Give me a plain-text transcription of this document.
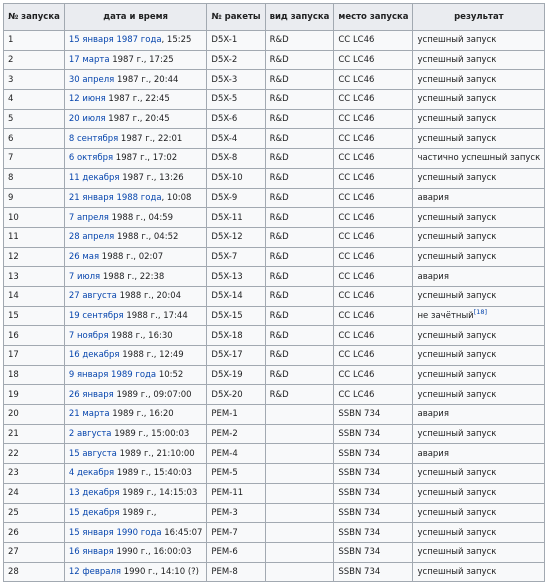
№ запуска	дата и время	№ ракеты	вид запуска	место запуска	результат
1	15 января 1987 года, 15:25	D5X-1	R&D	CC LC46	успешный запуск
2	17 марта 1987 г., 17:25	D5X-2	R&D	CC LC46	успешный запуск
3	30 апреля 1987 г., 20:44	D5X-3	R&D	CC LC46	успешный запуск
4	12 июня 1987 г., 22:45	D5X-5	R&D	CC LC46	успешный запуск
5	20 июля 1987 г., 20:45	D5X-6	R&D	CC LC46	успешный запуск
6	8 сентября 1987 г., 22:01	D5X-4	R&D	CC LC46	успешный запуск
7	6 октября 1987 г., 17:02	D5X-8	R&D	CC LC46	частично успешный запуск
8	11 декабря 1987 г., 13:26	D5X-10	R&D	CC LC46	успешный запуск
9	21 января 1988 года, 10:08	D5X-9	R&D	CC LC46	авария
10	7 апреля 1988 г., 04:59	D5X-11	R&D	CC LC46	успешный запуск
11	28 апреля 1988 г., 04:52	D5X-12	R&D	CC LC46	успешный запуск
12	26 мая 1988 г., 02:07	D5X-7	R&D	CC LC46	успешный запуск
13	7 июля 1988 г., 22:38	D5X-13	R&D	CC LC46	авария
14	27 августа 1988 г., 20:04	D5X-14	R&D	CC LC46	успешный запуск
15	19 сентября 1988 г., 17:44	D5X-15	R&D	CC LC46	не зачётный[18]
16	7 ноября 1988 г., 16:30	D5X-18	R&D	CC LC46	успешный запуск
17	16 декабря 1988 г., 12:49	D5X-17	R&D	CC LC46	успешный запуск
18	9 января 1989 года 10:52	D5X-19	R&D	CC LC46	успешный запуск
19	26 января 1989 г., 09:07:00	D5X-20	R&D	CC LC46	успешный запуск
20	21 марта 1989 г., 16:20	PEM-1		SSBN 734	авария
21	2 августа 1989 г., 15:00:03	PEM-2		SSBN 734	успешный запуск
22	15 августа 1989 г., 21:10:00	PEM-4		SSBN 734	авария
23	4 декабря 1989 г., 15:40:03	PEM-5		SSBN 734	успешный запуск
24	13 декабря 1989 г., 14:15:03	PEM-11		SSBN 734	успешный запуск
25	15 декабря 1989 г.,	PEM-3		SSBN 734	успешный запуск
26	15 января 1990 года 16:45:07	PEM-7		SSBN 734	успешный запуск
27	16 января 1990 г., 16:00:03	PEM-6		SSBN 734	успешный запуск
28	12 февраля 1990 г., 14:10 (?)	PEM-8		SSBN 734	успешный запуск
